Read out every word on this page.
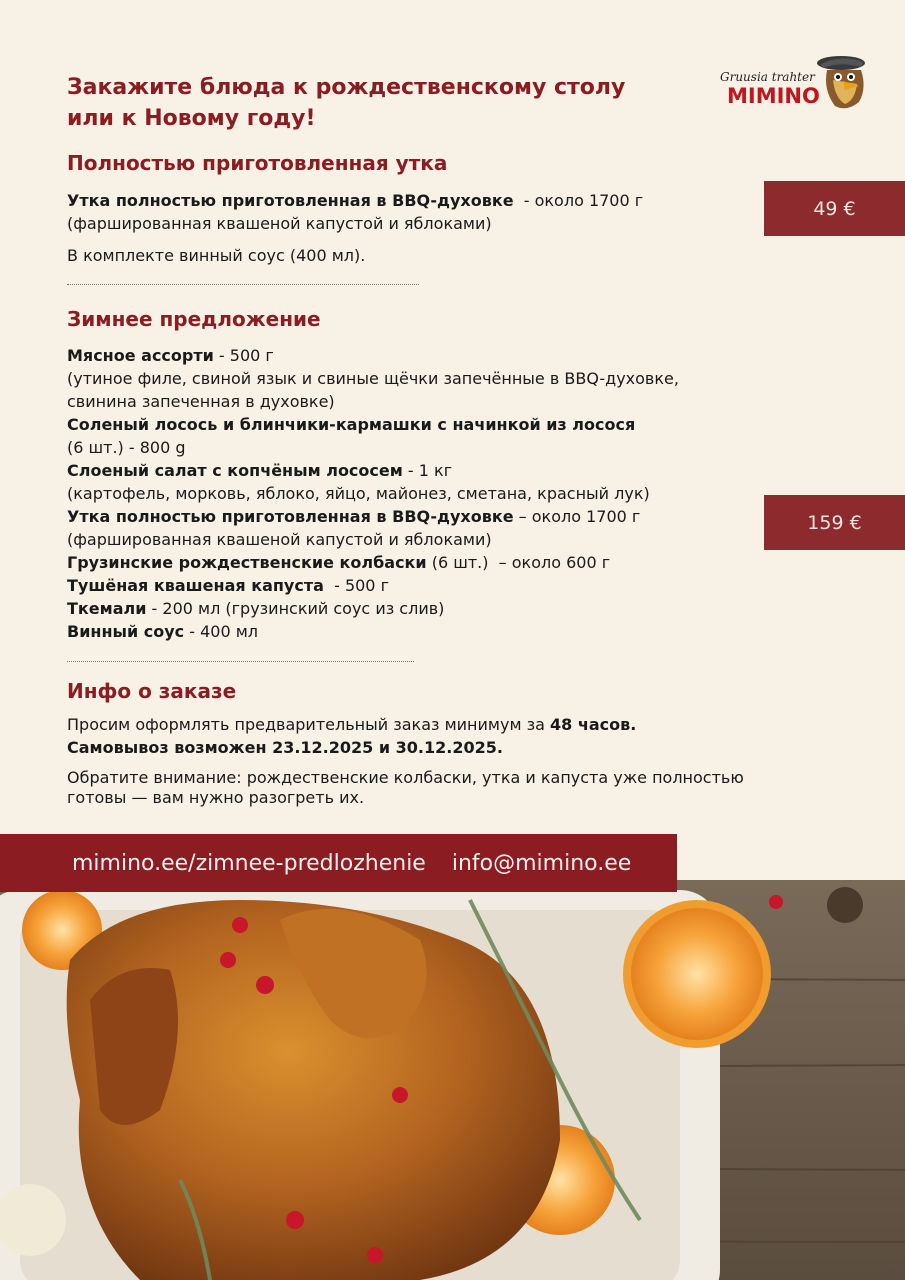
Gruusia trahter
MIMINO
Закажите блюда к рождественскому столу
или к Новому году!
Полностью приготовленная утка
Утка полностью приготовленная в BBQ-духовке  - около 1700 г
(фаршированная квашеной капустой и яблоками)

В комплекте винный соус (400 мл).

49 €
Зимнее предложение
Мясное ассорти - 500 г
(утиное филе, свиной язык и свиные щёчки запечённые в BBQ-духовке,
свинина запеченная в духовке)
Соленый лосось и блинчики-кармашки с начинкой из лосося
(6 шт.) - 800 g
Слоеный салат с копчёным лососем - 1 кг
(картофель, морковь, яблоко, яйцо, майонез, сметана, красный лук)
Утка полностью приготовленная в BBQ-духовке – около 1700 г
(фаршированная квашеной капустой и яблоками)
Грузинские рождественские колбаски (6 шт.)  – около 600 г
Тушёная квашеная капуста  - 500 г
Ткемали - 200 мл (грузинский соус из слив)
Винный соус - 400 мл
159 €
Инфо о заказе
Просим оформлять предварительный заказ минимум за 48 часов.
Самовывоз возможен 23.12.2025 и 30.12.2025.
Обратите внимание: рождественские колбаски, утка и капуста уже полностью
готовы — вам нужно разогреть их.
mimino.ee/zimnee-predlozhenie info@mimino.ee
